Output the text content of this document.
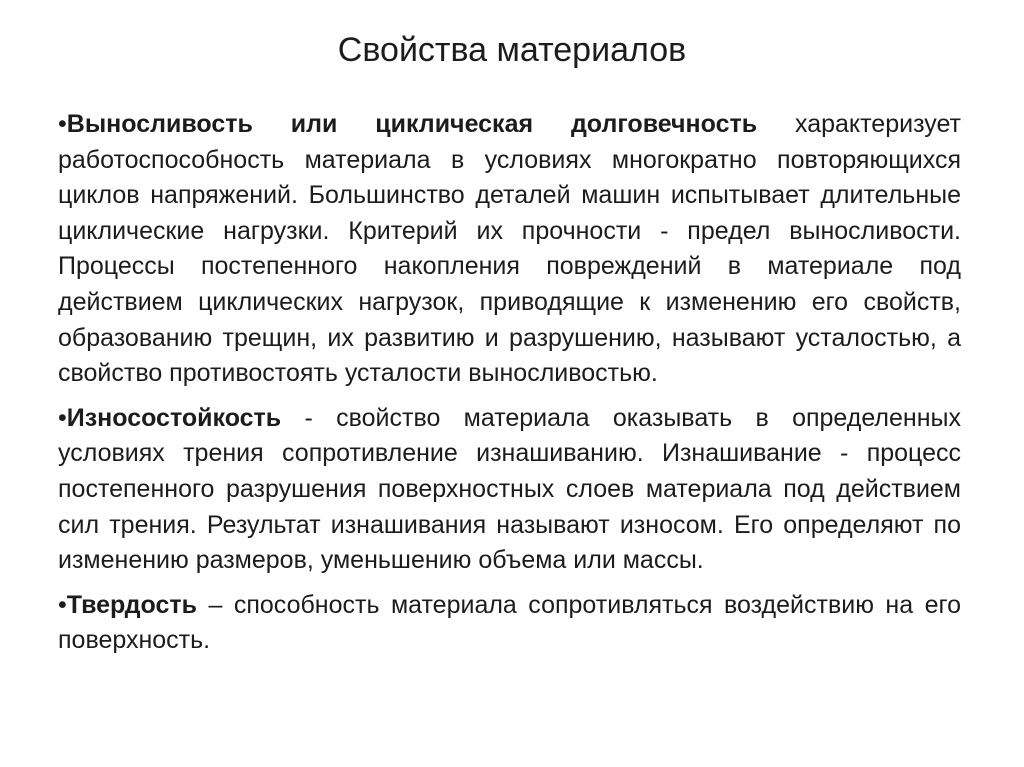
Свойства материалов

•Выносливость или циклическая долговечность характеризует работоспособность материала в условиях многократно повторяющихся циклов напряжений. Большинство деталей машин испытывает длительные циклические нагрузки. Критерий их прочности - предел выносливости. Процессы постепенного накопления повреждений в материале под действием циклических нагрузок, приводящие к изменению его свойств, образованию трещин, их развитию и разрушению, называют усталостью, а свойство противостоять усталости выносливостью.

•Износостойкость - свойство материала оказывать в определенных условиях трения сопротивление изнашиванию. Изнашивание - процесс постепенного разрушения поверхностных слоев материала под действием сил трения. Результат изнашивания называют износом. Его определяют по изменению размеров, уменьшению объема или массы.

•Твердость – способность материала сопротивляться воздействию на его поверхность.
